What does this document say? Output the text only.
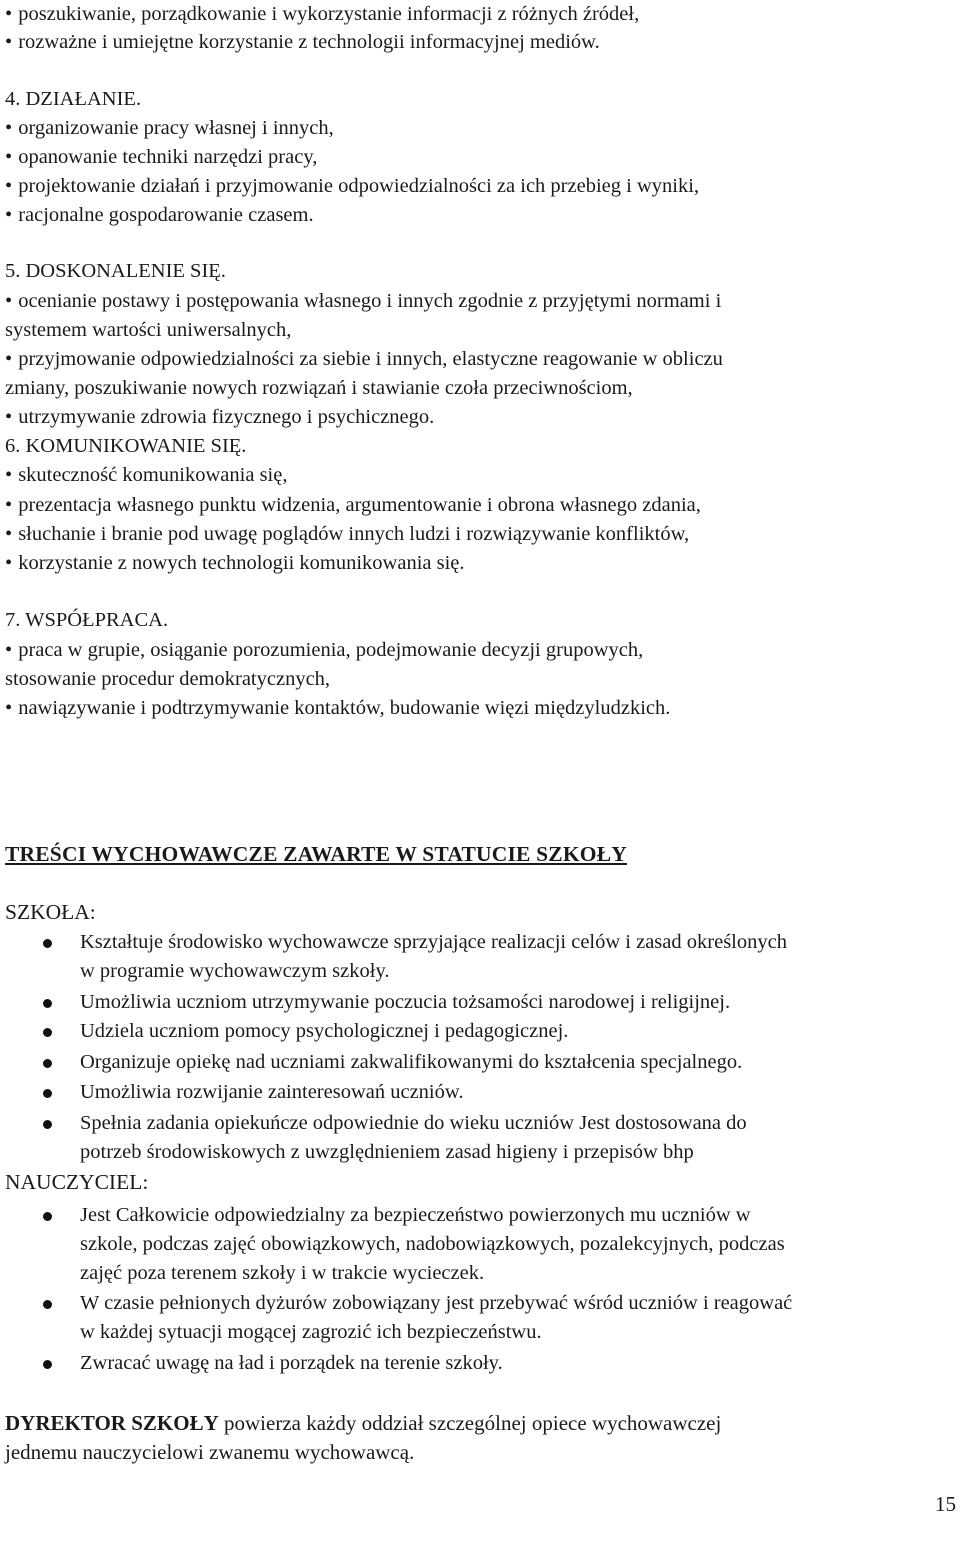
• poszukiwanie, porządkowanie i wykorzystanie informacji z różnych źródeł,
• rozważne i umiejętne korzystanie z technologii informacyjnej mediów.
4. DZIAŁANIE.
• organizowanie pracy własnej i innych,
• opanowanie techniki narzędzi pracy,
• projektowanie działań i przyjmowanie odpowiedzialności za ich przebieg i wyniki,
• racjonalne gospodarowanie czasem.
5. DOSKONALENIE SIĘ.
• ocenianie postawy i postępowania własnego i innych zgodnie z przyjętymi normami i
systemem wartości uniwersalnych,
• przyjmowanie odpowiedzialności za siebie i innych, elastyczne reagowanie w obliczu
zmiany, poszukiwanie nowych rozwiązań i stawianie czoła przeciwnościom,
• utrzymywanie zdrowia fizycznego i psychicznego.
6. KOMUNIKOWANIE SIĘ.
• skuteczność komunikowania się,
• prezentacja własnego punktu widzenia, argumentowanie i obrona własnego zdania,
• słuchanie i branie pod uwagę poglądów innych ludzi i rozwiązywanie konfliktów,
• korzystanie z nowych technologii komunikowania się.
7. WSPÓŁPRACA.
• praca w grupie, osiąganie porozumienia, podejmowanie decyzji grupowych,
stosowanie procedur demokratycznych,
• nawiązywanie i podtrzymywanie kontaktów, budowanie więzi międzyludzkich.
TREŚCI WYCHOWAWCZE ZAWARTE W STATUCIE SZKOŁY
SZKOŁA:
Kształtuje środowisko wychowawcze sprzyjające realizacji celów i zasad określonych
w programie wychowawczym szkoły.
Umożliwia uczniom utrzymywanie poczucia tożsamości narodowej i religijnej.
Udziela uczniom pomocy psychologicznej i pedagogicznej.
Organizuje opiekę nad uczniami zakwalifikowanymi do kształcenia specjalnego.
Umożliwia rozwijanie zainteresowań uczniów.
Spełnia zadania opiekuńcze odpowiednie do wieku uczniów Jest dostosowana do
potrzeb środowiskowych z uwzględnieniem zasad higieny i przepisów bhp
NAUCZYCIEL:
Jest Całkowicie odpowiedzialny za bezpieczeństwo powierzonych mu uczniów w
szkole, podczas zajęć obowiązkowych, nadobowiązkowych, pozalekcyjnych, podczas
zajęć poza terenem szkoły i w trakcie wycieczek.
W czasie pełnionych dyżurów zobowiązany jest przebywać wśród uczniów i reagować
w każdej sytuacji mogącej zagrozić ich bezpieczeństwu.
Zwracać uwagę na ład i porządek na terenie szkoły.
DYREKTOR SZKOŁY powierza każdy oddział szczególnej opiece wychowawczej
jednemu nauczycielowi zwanemu wychowawcą.
15
